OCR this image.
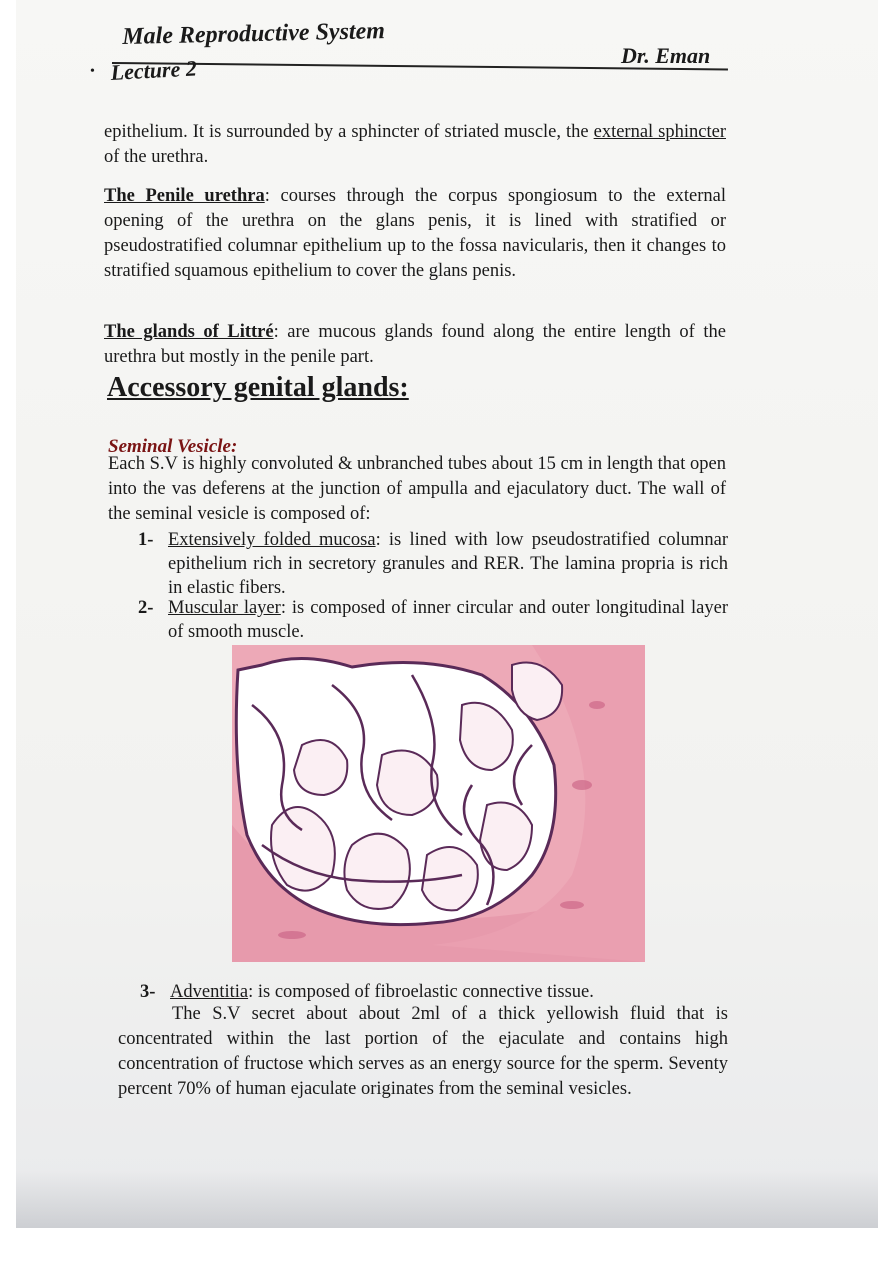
•
Male Reproductive System
Dr. Eman
Lecture 2
epithelium. It is surrounded by a sphincter of striated muscle, the external sphincter of the urethra.
The Penile urethra: courses through the corpus spongiosum to the external opening of the urethra on the glans penis, it is lined with stratified or pseudostratified columnar epithelium up to the fossa navicularis, then it changes to stratified squamous epithelium to cover the glans penis.
The glands of Littré: are mucous glands found along the entire length of the urethra but mostly in the penile part.
Accessory genital glands:
Seminal Vesicle:
Each S.V is highly convoluted & unbranched tubes about 15 cm in length that open into the vas deferens at the junction of ampulla and ejaculatory duct. The wall of the seminal vesicle is composed of:
1- Extensively folded mucosa: is lined with low pseudostratified columnar epithelium rich in secretory granules and RER. The lamina propria is rich in elastic fibers.
2- Muscular layer: is composed of inner circular and outer longitudinal layer of smooth muscle.
3- Adventitia: is composed of fibroelastic connective tissue.
The S.V secret about about 2ml of a thick yellowish fluid that is concentrated within the last portion of the ejaculate and contains high concentration of fructose which serves as an energy source for the sperm. Seventy percent 70% of human ejaculate originates from the seminal vesicles.
